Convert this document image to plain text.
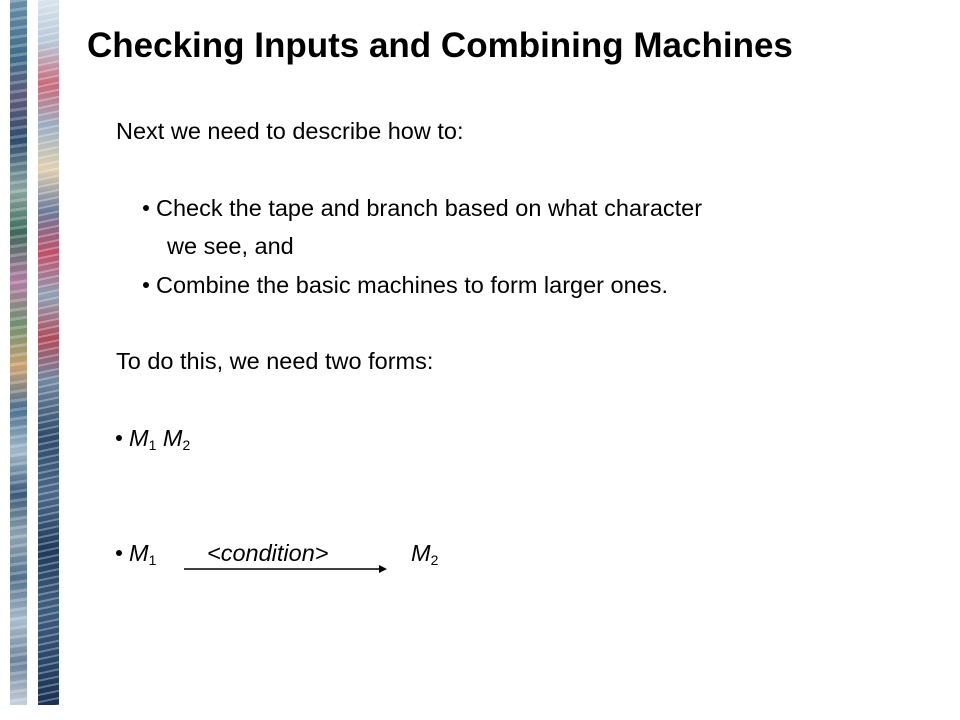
Checking Inputs and Combining Machines
Next we need to describe how to:
Check the tape and branch based on what character
we see, and
Combine the basic machines to form larger ones.
To do this, we need two forms:
$M_1$ $M_2$
$M_1$ <condition>	$M_2$
